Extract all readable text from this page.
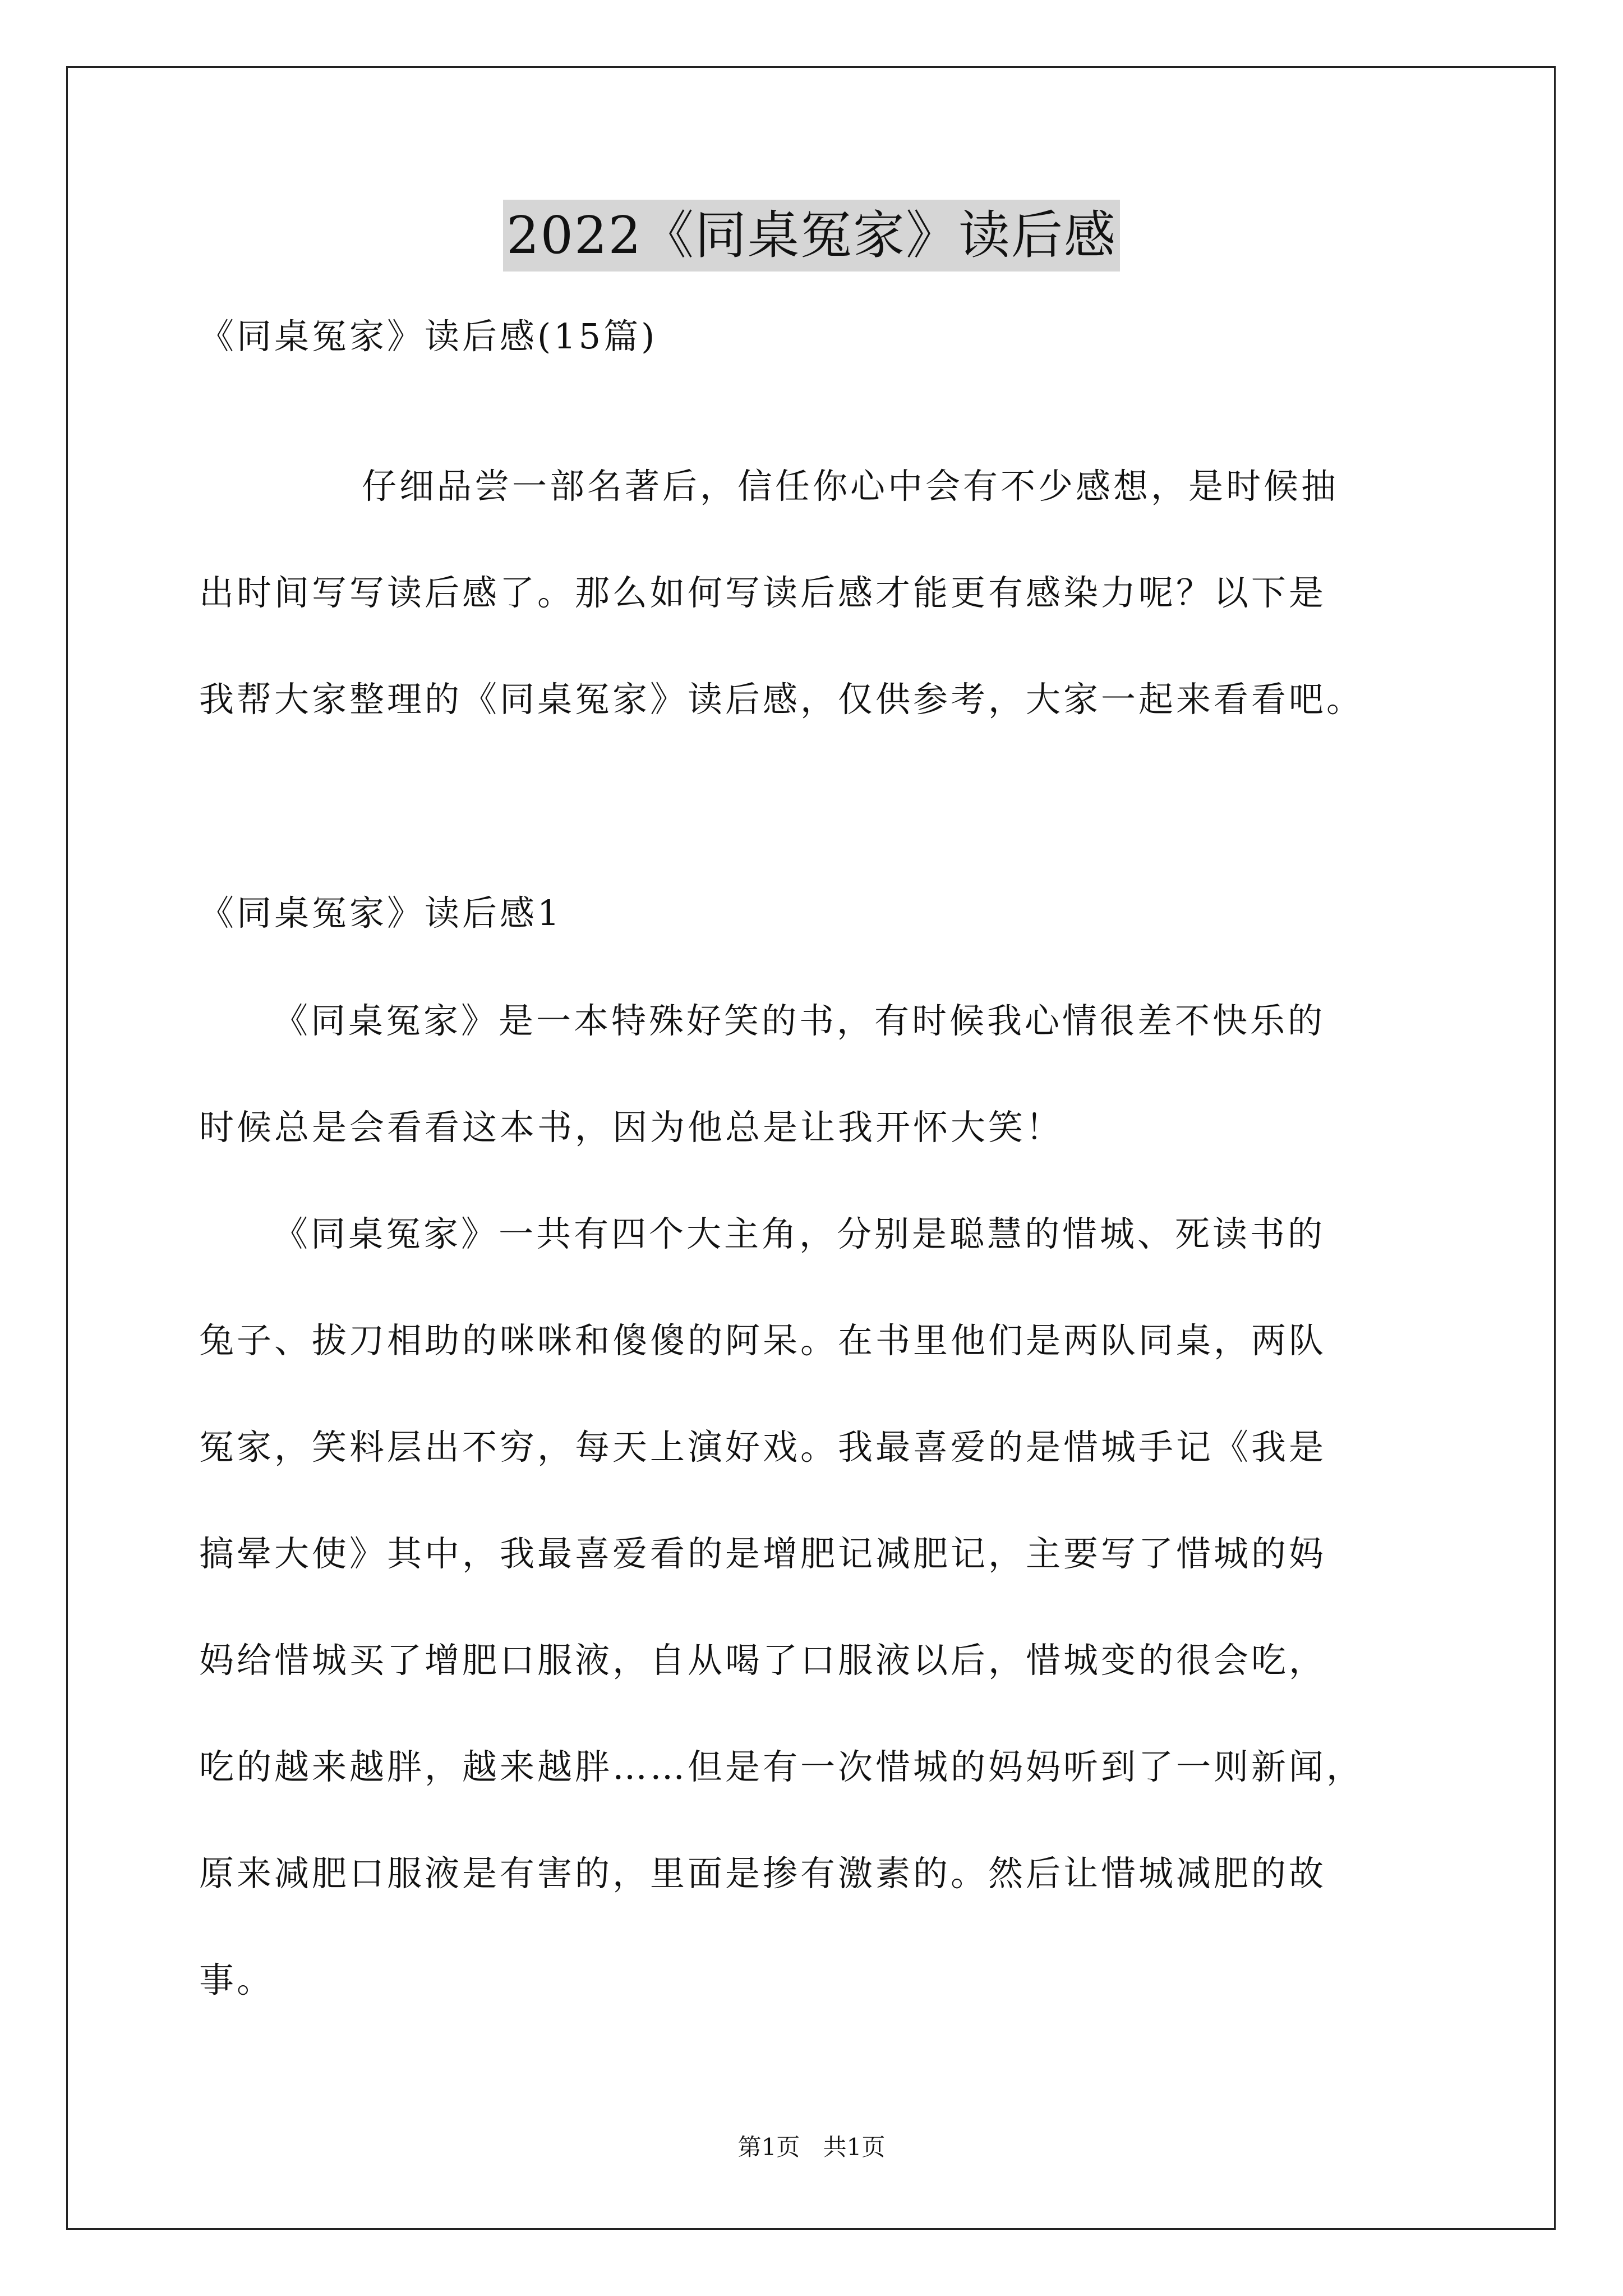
2022《同桌冤家》读后感
《同桌冤家》读后感(15篇)
仔细品尝一部名著后，信任你心中会有不少感想，是时候抽
出时间写写读后感了。那么如何写读后感才能更有感染力呢？以下是
我帮大家整理的《同桌冤家》读后感，仅供参考，大家一起来看看吧。
《同桌冤家》读后感1
《同桌冤家》是一本特殊好笑的书，有时候我心情很差不快乐的
时候总是会看看这本书，因为他总是让我开怀大笑！
《同桌冤家》一共有四个大主角，分别是聪慧的惜城、死读书的
兔子、拔刀相助的咪咪和傻傻的阿呆。在书里他们是两队同桌，两队
冤家，笑料层出不穷，每天上演好戏。我最喜爱的是惜城手记《我是
搞晕大使》其中，我最喜爱看的是增肥记减肥记，主要写了惜城的妈
妈给惜城买了增肥口服液，自从喝了口服液以后，惜城变的很会吃，
吃的越来越胖，越来越胖……但是有一次惜城的妈妈听到了一则新闻，
原来减肥口服液是有害的，里面是掺有激素的。然后让惜城减肥的故
事。
第1页 共1页
